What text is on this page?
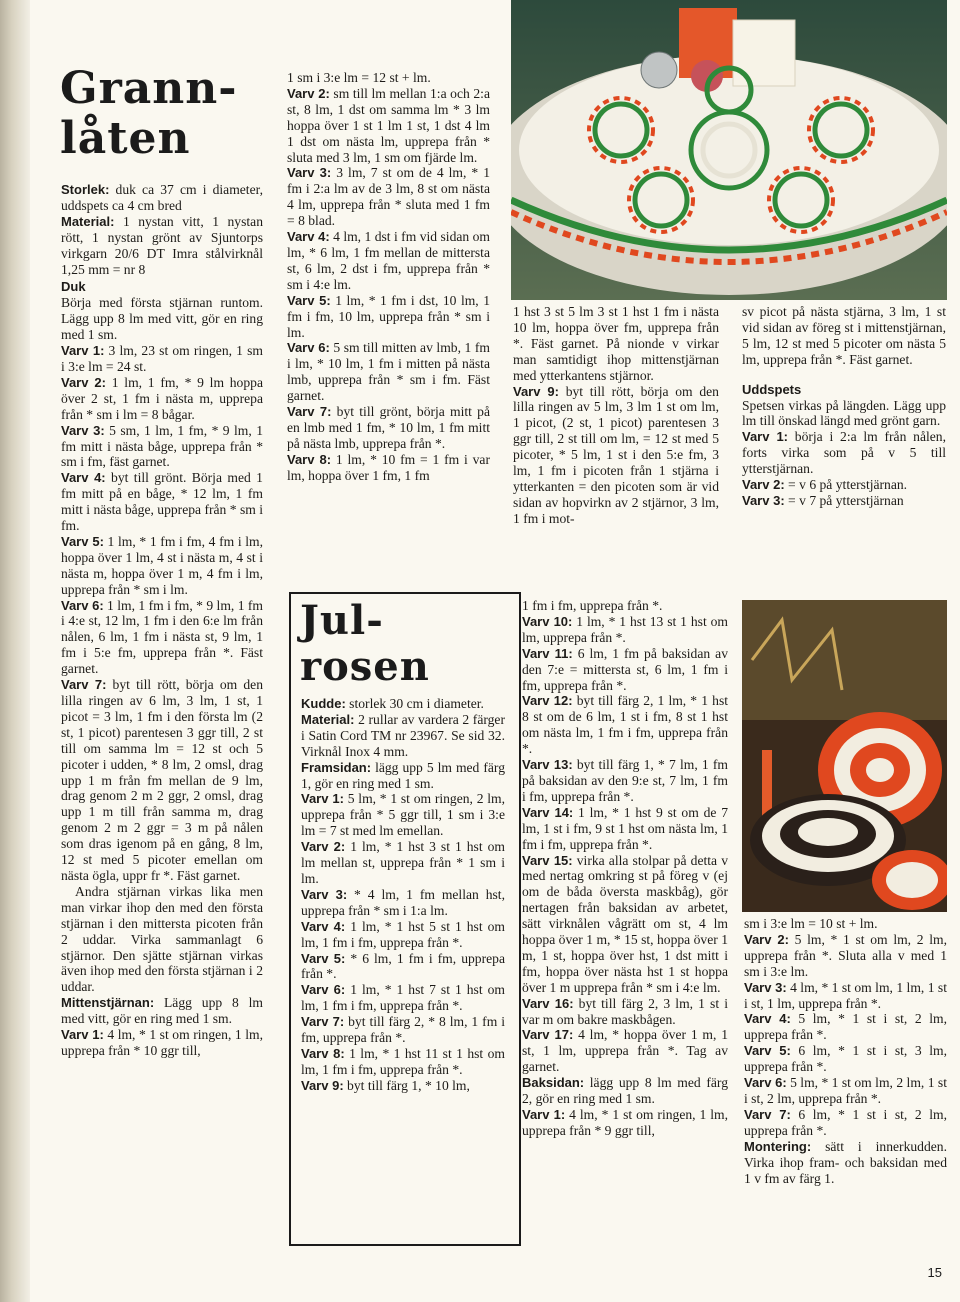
Grann-
låten

Storlek: duk ca 37 cm i diameter, uddspets ca 4 cm bred

Material: 1 nystan vitt, 1 nystan rött, 1 nystan grönt av Sjuntorps virkgarn 20/6 DT Imra stålvirknål 1,25 mm = nr 8

Duk

Börja med första stjärnan runtom. Lägg upp 8 lm med vitt, gör en ring med 1 sm.

Varv 1: 3 lm, 23 st om ringen, 1 sm i 3:e lm = 24 st.

Varv 2: 1 lm, 1 fm, * 9 lm hoppa över 2 st, 1 fm i nästa m, upprepa från * sm i lm = 8 bågar.

Varv 3: 5 sm, 1 lm, 1 fm, * 9 lm, 1 fm mitt i nästa båge, upprepa från * sm i fm, fäst garnet.

Varv 4: byt till grönt. Börja med 1 fm mitt på en båge, * 12 lm, 1 fm mitt i nästa båge, upprepa från * sm i fm.

Varv 5: 1 lm, * 1 fm i fm, 4 fm i lm, hoppa över 1 lm, 4 st i nästa m, 4 st i nästa m, hoppa över 1 m, 4 fm i lm, upprepa från * sm i lm.

Varv 6: 1 lm, 1 fm i fm, * 9 lm, 1 fm i 4:e st, 12 lm, 1 fm i den 6:e lm från nålen, 6 lm, 1 fm i nästa st, 9 lm, 1 fm i 5:e fm, upprepa från *. Fäst garnet.

Varv 7: byt till rött, börja om den lilla ringen av 6 lm, 3 lm, 1 st, 1 picot = 3 lm, 1 fm i den första lm (2 st, 1 picot) parentesen 3 ggr till, 2 st till om samma lm = 12 st och 5 picoter i udden, * 8 lm, 2 omsl, drag upp 1 m från fm mellan de 9 lm, drag genom 2 m 2 ggr, 2 omsl, drag upp 1 m till från samma m, drag genom 2 m 2 ggr = 3 m på nålen som dras igenom på en gång, 8 lm, 12 st med 5 picoter emellan om nästa ögla, uppr fr *. Fäst garnet.

Andra stjärnan virkas lika men man virkar ihop den med den första stjärnan i den mittersta picoten från 2 uddar. Virka sammanlagt 6 stjärnor. Den sjätte stjärnan virkas även ihop med den första stjärnan i 2 uddar.

Mittenstjärnan: Lägg upp 8 lm med vitt, gör en ring med 1 sm.

Varv 1: 4 lm, * 1 st om ringen, 1 lm, upprepa från * 10 ggr till,

1 sm i 3:e lm = 12 st + lm.

Varv 2: sm till lm mellan 1:a och 2:a st, 8 lm, 1 dst om samma lm * 3 lm hoppa över 1 st 1 lm 1 st, 1 dst 4 lm 1 dst om nästa lm, upprepa från * sluta med 3 lm, 1 sm om fjärde lm.

Varv 3: 3 lm, 7 st om de 4 lm, * 1 fm i 2:a lm av de 3 lm, 8 st om nästa 4 lm, upprepa från * sluta med 1 fm = 8 blad.

Varv 4: 4 lm, 1 dst i fm vid sidan om lm, * 6 lm, 1 fm mellan de mittersta st, 6 lm, 2 dst i fm, upprepa från * sm i 4:e lm.

Varv 5: 1 lm, * 1 fm i dst, 10 lm, 1 fm i fm, 10 lm, upprepa från * sm i lm.

Varv 6: 5 sm till mitten av lmb, 1 fm i lm, * 10 lm, 1 fm i mitten på nästa lmb, upprepa från * sm i fm. Fäst garnet.

Varv 7: byt till grönt, börja mitt på en lmb med 1 fm, * 10 lm, 1 fm mitt på nästa lmb, upprepa från *.

Varv 8: 1 lm, * 10 fm = 1 fm i var lm, hoppa över 1 fm, 1 fm

1 hst 3 st 5 lm 3 st 1 hst 1 fm i nästa 10 lm, hoppa över fm, upprepa från *. Fäst garnet. På nionde v virkar man samtidigt ihop mittenstjärnan med ytterkantens stjärnor.

Varv 9: byt till rött, börja om den lilla ringen av 5 lm, 3 lm 1 st om lm, 1 picot, (2 st, 1 picot) parentesen 3 ggr till, 2 st till om lm, = 12 st med 5 picoter, * 5 lm, 1 st i den 5:e fm, 3 lm, 1 fm i picoten från 1 stjärna i ytterkanten = den picoten som är vid sidan av hopvirkn av 2 stjärnor, 3 lm, 1 fm i mot-

sv picot på nästa stjärna, 3 lm, 1 st vid sidan av föreg st i mittenstjärnan, 5 lm, 12 st med 5 picoter om nästa 5 lm, upprepa från *. Fäst garnet.

Uddspets

Spetsen virkas på längden. Lägg upp lm till önskad längd med grönt garn.

Varv 1: börja i 2:a lm från nålen, forts virka som på v 5 till ytterstjärnan.

Varv 2: = v 6 på ytterstjärnan.

Varv 3: = v 7 på ytterstjärnan

Jul-
rosen

Kudde: storlek 30 cm i diameter.

Material: 2 rullar av vardera 2 färger i Satin Cord TM nr 23967. Se sid 32. Virknål Inox 4 mm.

Framsidan: lägg upp 5 lm med färg 1, gör en ring med 1 sm.

Varv 1: 5 lm, * 1 st om ringen, 2 lm, upprepa från * 5 ggr till, 1 sm i 3:e lm = 7 st med lm emellan.

Varv 2: 1 lm, * 1 hst 3 st 1 hst om lm mellan st, upprepa från * 1 sm i lm.

Varv 3: * 4 lm, 1 fm mellan hst, upprepa från * sm i 1:a lm.

Varv 4: 1 lm, * 1 hst 5 st 1 hst om lm, 1 fm i fm, upprepa från *.

Varv 5: * 6 lm, 1 fm i fm, upprepa från *.

Varv 6: 1 lm, * 1 hst 7 st 1 hst om lm, 1 fm i fm, upprepa från *.

Varv 7: byt till färg 2, * 8 lm, 1 fm i fm, upprepa från *.

Varv 8: 1 lm, * 1 hst 11 st 1 hst om lm, 1 fm i fm, upprepa från *.

Varv 9: byt till färg 1, * 10 lm,

1 fm i fm, upprepa från *.

Varv 10: 1 lm, * 1 hst 13 st 1 hst om lm, upprepa från *.

Varv 11: 6 lm, 1 fm på baksidan av den 7:e = mittersta st, 6 lm, 1 fm i fm, upprepa från *.

Varv 12: byt till färg 2, 1 lm, * 1 hst 8 st om de 6 lm, 1 st i fm, 8 st 1 hst om nästa lm, 1 fm i fm, upprepa från *.

Varv 13: byt till färg 1, * 7 lm, 1 fm på baksidan av den 9:e st, 7 lm, 1 fm i fm, upprepa från *.

Varv 14: 1 lm, * 1 hst 9 st om de 7 lm, 1 st i fm, 9 st 1 hst om nästa lm, 1 fm i fm, upprepa från *.

Varv 15: virka alla stolpar på detta v med nertag omkring st på föreg v (ej om de båda översta maskbåg), gör nertagen från baksidan av arbetet, sätt virknålen vågrätt om st, 4 lm hoppa över 1 m, * 15 st, hoppa över 1 m, 1 st, hoppa över hst, 1 dst mitt i fm, hoppa över nästa hst 1 st hoppa över 1 m upprepa från * sm i 4:e lm.

Varv 16: byt till färg 2, 3 lm, 1 st i var m om bakre maskbågen.

Varv 17: 4 lm, * hoppa över 1 m, 1 st, 1 lm, upprepa från *. Tag av garnet.

Baksidan: lägg upp 8 lm med färg 2, gör en ring med 1 sm.

Varv 1: 4 lm, * 1 st om ringen, 1 lm, upprepa från * 9 ggr till,

sm i 3:e lm = 10 st + lm.

Varv 2: 5 lm, * 1 st om lm, 2 lm, upprepa från *. Sluta alla v med 1 sm i 3:e lm.

Varv 3: 4 lm, * 1 st om lm, 1 lm, 1 st i st, 1 lm, upprepa från *.

Varv 4: 5 lm, * 1 st i st, 2 lm, upprepa från *.

Varv 5: 6 lm, * 1 st i st, 3 lm, upprepa från *.

Varv 6: 5 lm, * 1 st om lm, 2 lm, 1 st i st, 2 lm, upprepa från *.

Varv 7: 6 lm, * 1 st i st, 2 lm, upprepa från *.

Montering: sätt i innerkudden. Virka ihop fram- och baksidan med 1 v fm av färg 1.

15
